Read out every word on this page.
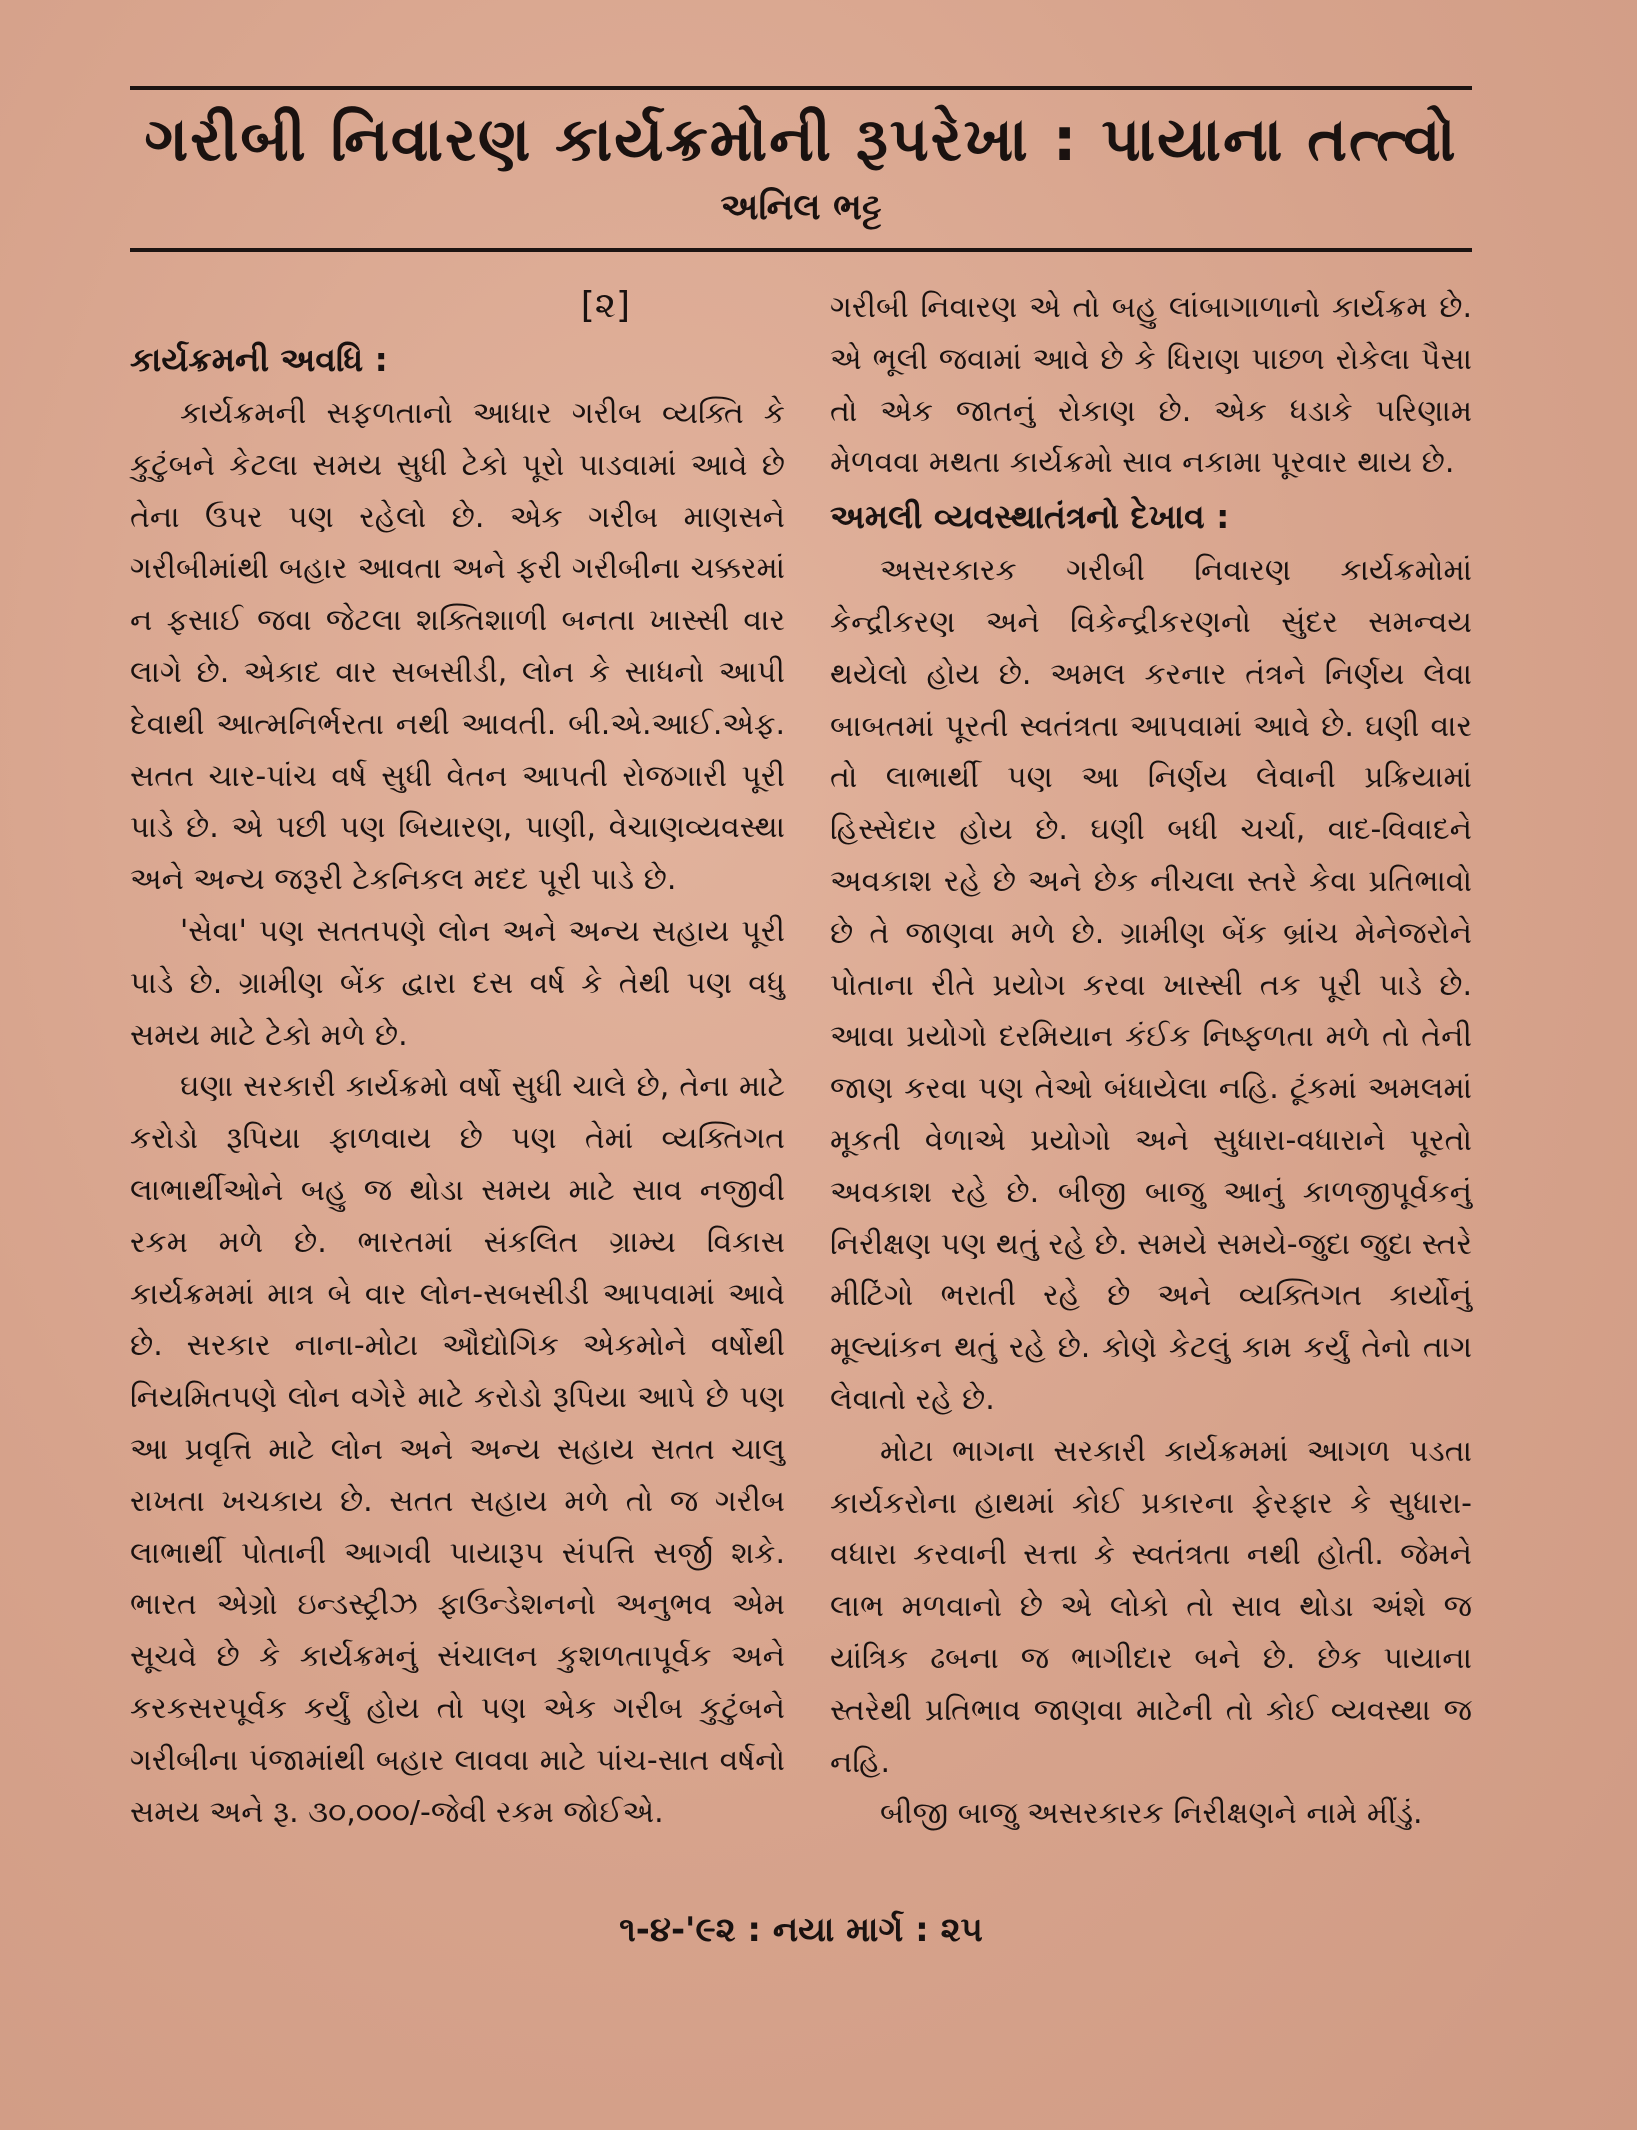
ગરીબી નિવારણ કાર્યક્રમોની રૂપરેખા : પાયાના તત્ત્વો
અનિલ ભટ્ટ
[૨]
કાર્યક્રમની અવધિ :

કાર્યક્રમની સફળતાનો આધાર ગરીબ વ્યક્તિ કે કુટુંબને કેટલા સમય સુધી ટેકો પૂરો પાડવામાં આવે છે તેના ઉપર પણ રહેલો છે. એક ગરીબ માણસને ગરીબીમાંથી બહાર આવતા અને ફરી ગરીબીના ચક્કરમાં ન ફસાઈ જવા જેટલા શક્તિશાળી બનતા ખાસ્સી વાર લાગે છે. એકાદ વાર સબસીડી, લોન કે સાધનો આપી દેવાથી આત્મનિર્ભરતા નથી આવતી. બી.એ.આઈ.એફ. સતત ચાર-પાંચ વર્ષ સુધી વેતન આપતી રોજગારી પૂરી પાડે છે. એ પછી પણ બિયારણ, પાણી, વેચાણવ્યવસ્થા અને અન્ય જરૂરી ટેકનિકલ મદદ પૂરી પાડે છે.

'સેવા' પણ સતતપણે લોન અને અન્ય સહાય પૂરી પાડે છે. ગ્રામીણ બેંક દ્વારા દસ વર્ષ કે તેથી પણ વધુ સમય માટે ટેકો મળે છે.

ઘણા સરકારી કાર્યક્રમો વર્ષો સુધી ચાલે છે, તેના માટે કરોડો રૂપિયા ફાળવાય છે પણ તેમાં વ્યક્તિગત લાભાર્થીઓને બહુ જ થોડા સમય માટે સાવ નજીવી રકમ મળે છે. ભારતમાં સંકલિત ગ્રામ્ય વિકાસ કાર્યક્રમમાં માત્ર બે વાર લોન-સબસીડી આપવામાં આવે છે. સરકાર નાના-મોટા ઔદ્યોગિક એકમોને વર્ષોથી નિયમિતપણે લોન વગેરે માટે કરોડો રૂપિયા આપે છે પણ આ પ્રવૃત્તિ માટે લોન અને અન્ય સહાય સતત ચાલુ રાખતા ખચકાય છે. સતત સહાય મળે તો જ ગરીબ લાભાર્થી પોતાની આગવી પાયારૂપ સંપત્તિ સર્જી શકે. ભારત એગ્રો ઇન્ડસ્ટ્રીઝ ફાઉન્ડેશનનો અનુભવ એમ સૂચવે છે કે કાર્યક્રમનું સંચાલન કુશળતાપૂર્વક અને કરકસરપૂર્વક કર્યું હોય તો પણ એક ગરીબ કુટુંબને ગરીબીના પંજામાંથી બહાર લાવવા માટે પાંચ-સાત વર્ષનો સમય અને રૂ. ૩૦,૦૦૦/-જેવી રકમ જોઈએ.

ગરીબી નિવારણ એ તો બહુ લાંબાગાળાનો કાર્યક્રમ છે. એ ભૂલી જવામાં આવે છે કે ધિરાણ પાછળ રોકેલા પૈસા તો એક જાતનું રોકાણ છે. એક ધડાકે પરિણામ મેળવવા મથતા કાર્યક્રમો સાવ નકામા પૂરવાર થાય છે.

અમલી વ્યવસ્થાતંત્રનો દેખાવ :

અસરકારક ગરીબી નિવારણ કાર્યક્રમોમાં કેન્દ્રીકરણ અને વિકેન્દ્રીકરણનો સુંદર સમન્વય થયેલો હોય છે. અમલ કરનાર તંત્રને નિર્ણય લેવા બાબતમાં પૂરતી સ્વતંત્રતા આપવામાં આવે છે. ઘણી વાર તો લાભાર્થી પણ આ નિર્ણય લેવાની પ્રક્રિયામાં હિસ્સેદાર હોય છે. ઘણી બધી ચર્ચા, વાદ-વિવાદને અવકાશ રહે છે અને છેક નીચલા સ્તરે કેવા પ્રતિભાવો છે તે જાણવા મળે છે. ગ્રામીણ બેંક બ્રાંચ મેનેજરોને પોતાના રીતે પ્રયોગ કરવા ખાસ્સી તક પૂરી પાડે છે. આવા પ્રયોગો દરમિયાન કંઈક નિષ્ફળતા મળે તો તેની જાણ કરવા પણ તેઓ બંધાયેલા નહિ. ટૂંકમાં અમલમાં મૂકતી વેળાએ પ્રયોગો અને સુધારા-વધારાને પૂરતો અવકાશ રહે છે. બીજી બાજુ આનું કાળજીપૂર્વકનું નિરીક્ષણ પણ થતું રહે છે. સમયે સમયે-જુદા જુદા સ્તરે મીટિંગો ભરાતી રહે છે અને વ્યક્તિગત કાર્યોનું મૂલ્યાંકન થતું રહે છે. કોણે કેટલું કામ કર્યું તેનો તાગ લેવાતો રહે છે.

મોટા ભાગના સરકારી કાર્યક્રમમાં આગળ પડતા કાર્યકરોના હાથમાં કોઈ પ્રકારના ફેરફાર કે સુધારા-વધારા કરવાની સત્તા કે સ્વતંત્રતા નથી હોતી. જેમને લાભ મળવાનો છે એ લોકો તો સાવ થોડા અંશે જ યાંત્રિક ઢબના જ ભાગીદાર બને છે. છેક પાયાના સ્તરેથી પ્રતિભાવ જાણવા માટેની તો કોઈ વ્યવસ્થા જ નહિ.

બીજી બાજુ અસરકારક નિરીક્ષણને નામે મીંડું.

૧-૪-'૯૨ : નયા માર્ગ : ૨૫
